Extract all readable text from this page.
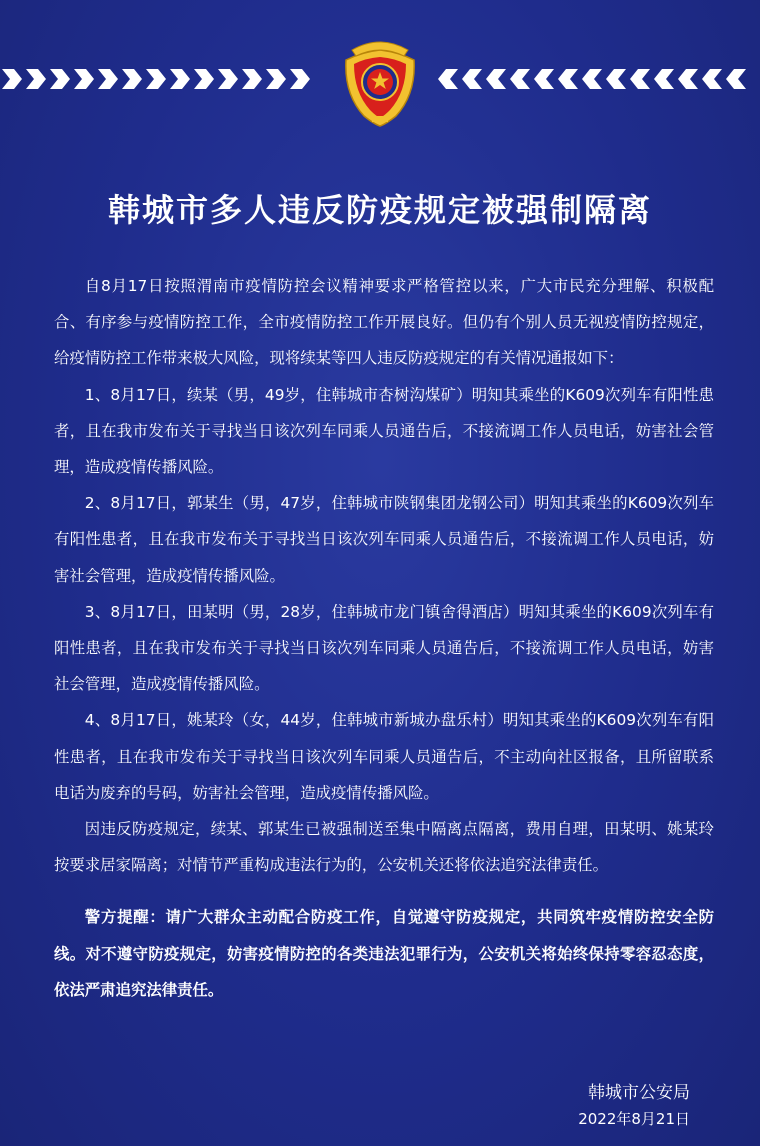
韩城市多人违反防疫规定被强制隔离

自8月17日按照渭南市疫情防控会议精神要求严格管控以来，广大市民充分理解、积极配合、有序参与疫情防控工作，全市疫情防控工作开展良好。但仍有个别人员无视疫情防控规定，给疫情防控工作带来极大风险，现将续某等四人违反防疫规定的有关情况通报如下：

1、8月17日，续某（男，49岁，住韩城市杏树沟煤矿）明知其乘坐的K609次列车有阳性患者，且在我市发布关于寻找当日该次列车同乘人员通告后，不接流调工作人员电话，妨害社会管理，造成疫情传播风险。

2、8月17日，郭某生（男，47岁，住韩城市陕钢集团龙钢公司）明知其乘坐的K609次列车有阳性患者，且在我市发布关于寻找当日该次列车同乘人员通告后，不接流调工作人员电话，妨害社会管理，造成疫情传播风险。

3、8月17日，田某明（男，28岁，住韩城市龙门镇舍得酒店）明知其乘坐的K609次列车有阳性患者，且在我市发布关于寻找当日该次列车同乘人员通告后，不接流调工作人员电话，妨害社会管理，造成疫情传播风险。

4、8月17日，姚某玲（女，44岁，住韩城市新城办盘乐村）明知其乘坐的K609次列车有阳性患者，且在我市发布关于寻找当日该次列车同乘人员通告后，不主动向社区报备，且所留联系电话为废弃的号码，妨害社会管理，造成疫情传播风险。

因违反防疫规定，续某、郭某生已被强制送至集中隔离点隔离，费用自理，田某明、姚某玲按要求居家隔离；对情节严重构成违法行为的，公安机关还将依法追究法律责任。

警方提醒：请广大群众主动配合防疫工作，自觉遵守防疫规定，共同筑牢疫情防控安全防线。对不遵守防疫规定，妨害疫情防控的各类违法犯罪行为，公安机关将始终保持零容忍态度，依法严肃追究法律责任。

韩城市公安局
2022年8月21日
